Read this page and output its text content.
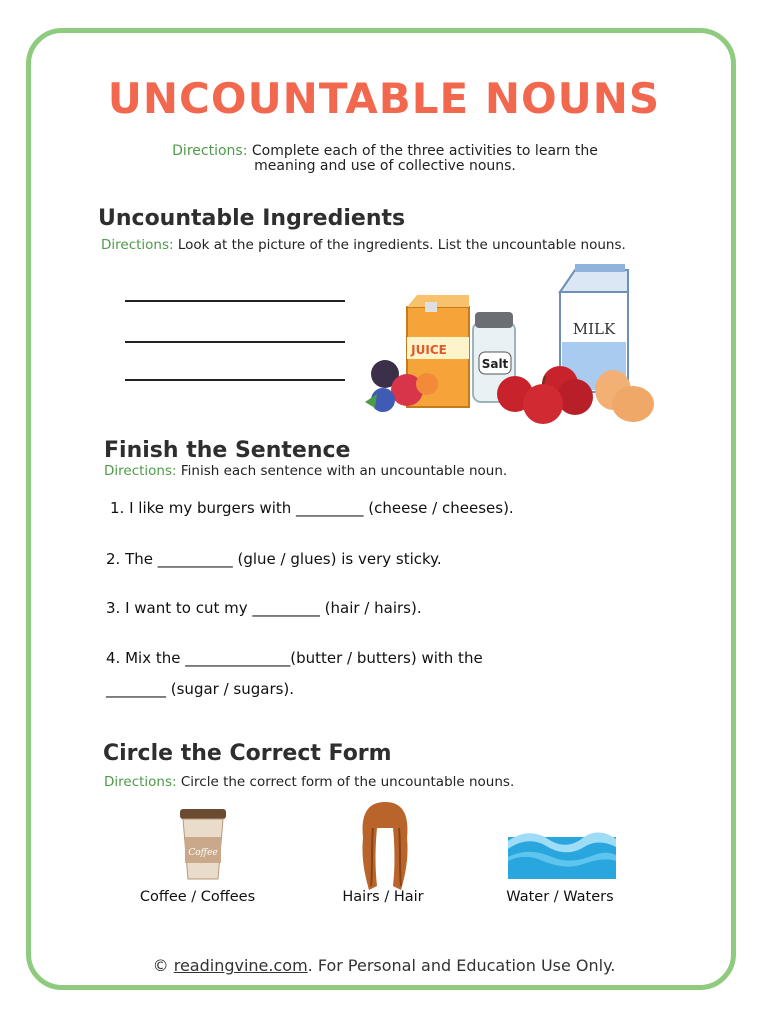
UNCOUNTABLE NOUNS
Directions: Complete each of the three activities to learn the
meaning and use of collective nouns.
Uncountable Ingredients
Directions: Look at the picture of the ingredients. List the uncountable nouns.
MILK
JUICE
Salt
Finish the Sentence
Directions: Finish each sentence with an uncountable noun.
1. I like my burgers with _________ (cheese / cheeses).
2. The __________ (glue / glues) is very sticky.
3. I want to cut my _________ (hair / hairs).
4. Mix the ______________(butter / butters) with the
________ (sugar / sugars).
Circle the Correct Form
Directions: Circle the correct form of the uncountable nouns.
Coffee
Coffee / Coffees	Hairs / Hair	Water / Waters
© readingvine.com. For Personal and Education Use Only.
